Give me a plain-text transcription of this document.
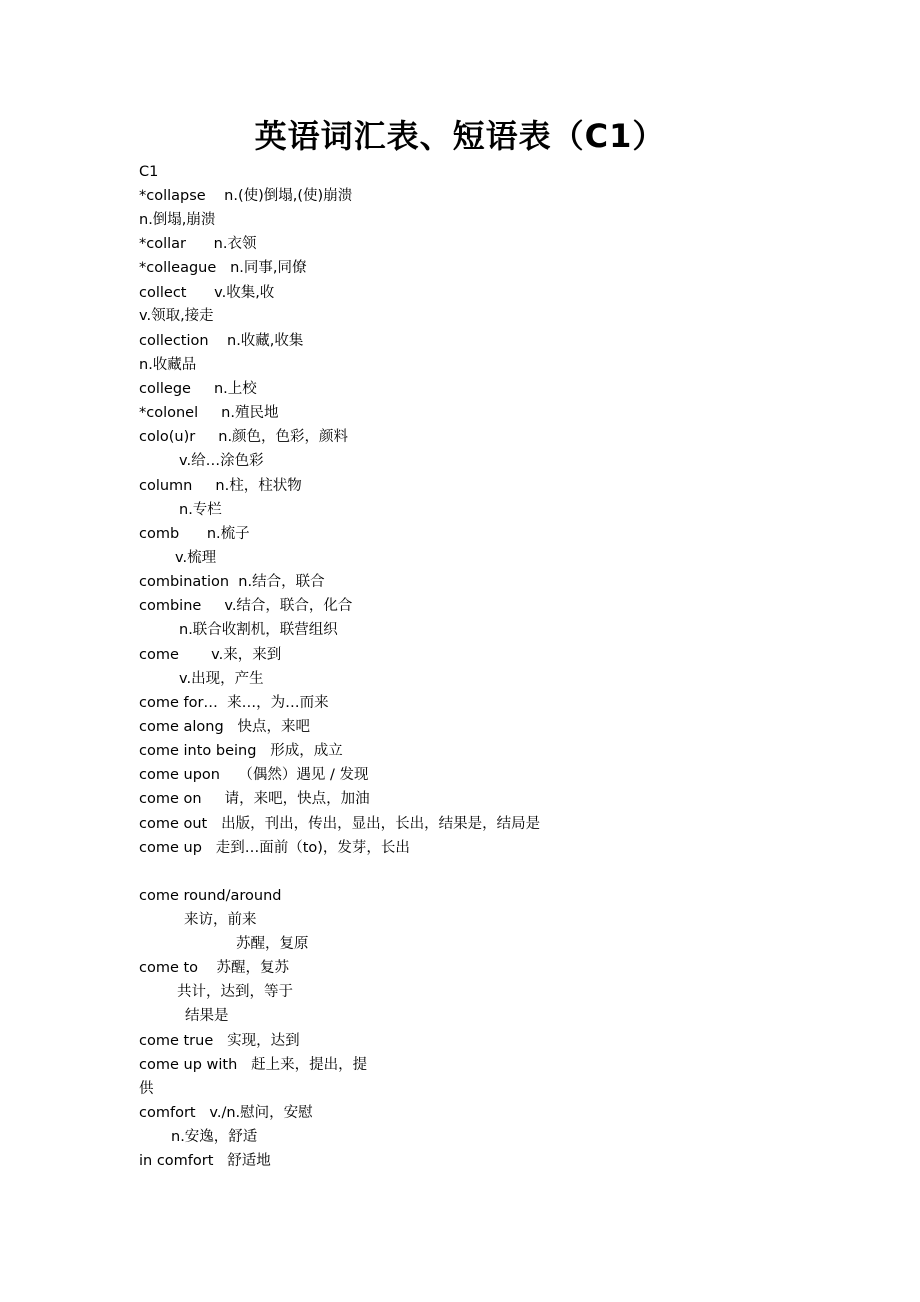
英语词汇表、短语表（C1）
C1
*collapse    n.(使)倒塌,(使)崩溃
n.倒塌,崩溃
*collar      n.衣领
*colleague   n.同事,同僚
collect      v.收集,收
v.领取,接走
collection    n.收藏,收集
n.收藏品
college     n.上校
*colonel     n.殖民地
colo(u)r     n.颜色，色彩，颜料
v.给…涂色彩
column     n.柱，柱状物
n.专栏
comb      n.梳子
v.梳理
combination  n.结合，联合
combine     v.结合，联合，化合
n.联合收割机，联营组织
come       v.来，来到
v.出现，产生
come for…  来…，为…而来
come along   快点，来吧
come into being   形成，成立
come upon    （偶然）遇见 / 发现
come on     请，来吧，快点，加油
come out   出版，刊出，传出，显出，长出，结果是，结局是
come up   走到…面前（to)，发芽，长出
come round/around
来访，前来
苏醒，复原
come to    苏醒，复苏
共计，达到，等于
结果是
come true   实现，达到
come up with   赶上来，提出，提
供
comfort   v./n.慰问，安慰
n.安逸，舒适
in comfort   舒适地
